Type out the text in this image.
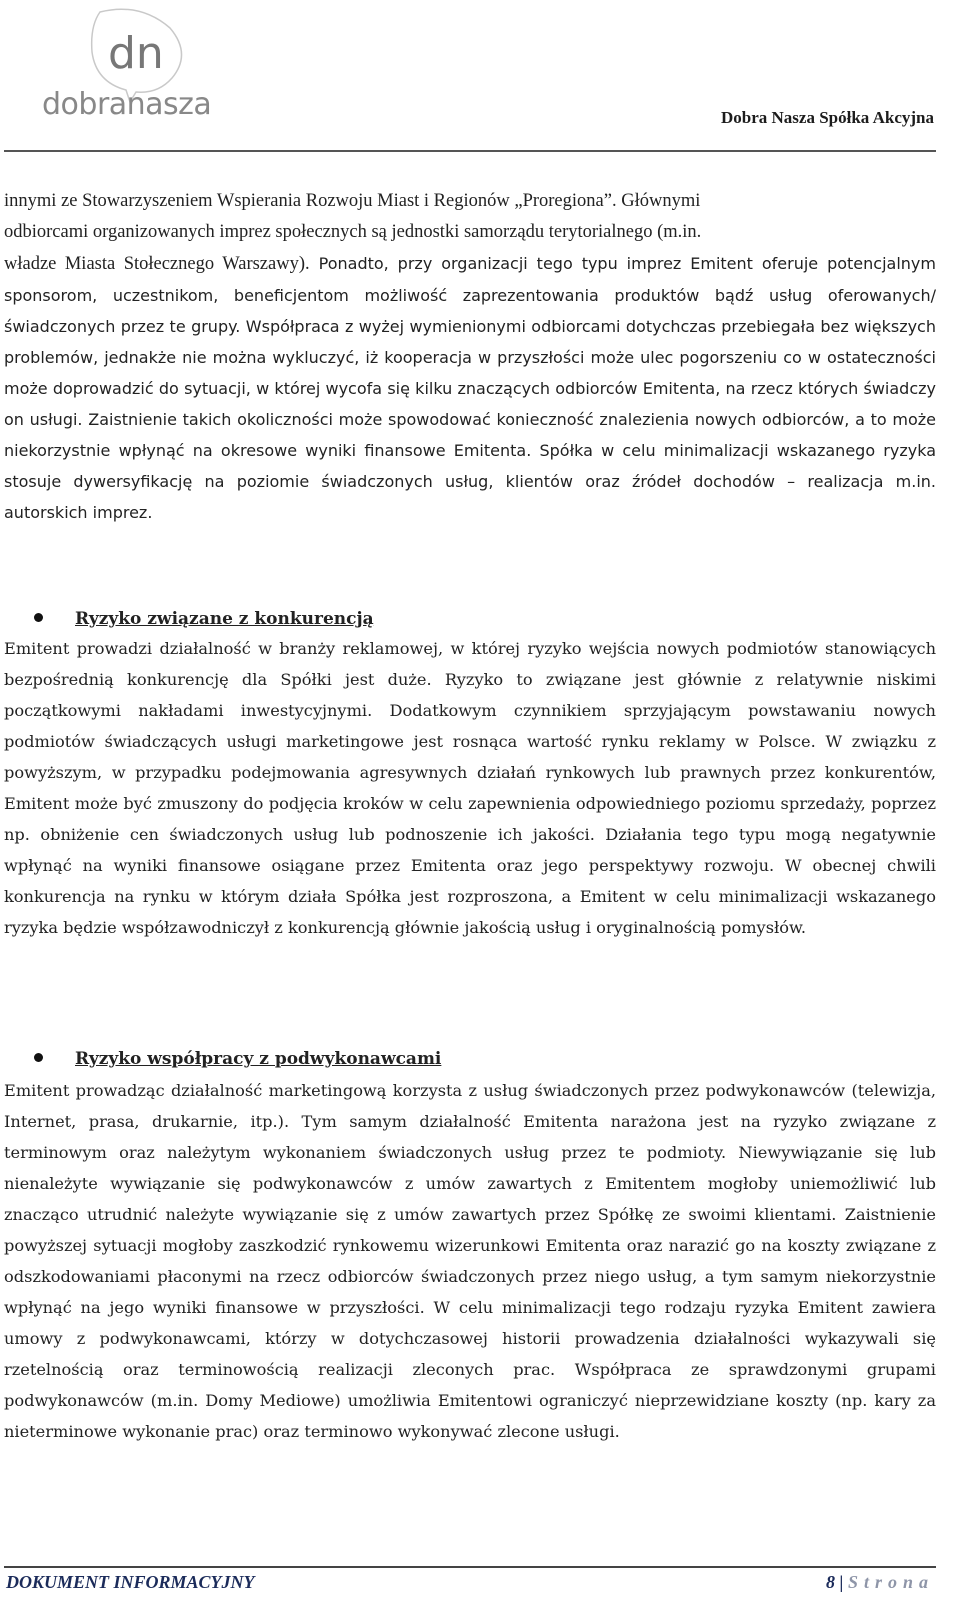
dn
dobranasza	Dobra Nasza Spółka Akcyjna

innymi ze Stowarzyszeniem Wspierania Rozwoju Miast i Regionów „Proregiona”. Głównymi

odbiorcami organizowanych imprez społecznych są jednostki samorządu terytorialnego (m.in.

władze Miasta Stołecznego Warszawy). Ponadto, przy organizacji tego typu imprez Emitent oferuje potencjalnym sponsorom, uczestnikom, beneficjentom możliwość zaprezentowania produktów bądź usług oferowanych/świadczonych przez te grupy. Współpraca z wyżej wymienionymi odbiorcami dotychczas przebiegała bez większych problemów, jednakże nie można wykluczyć, iż kooperacja w przyszłości może ulec pogorszeniu co w ostateczności może doprowadzić do sytuacji, w której wycofa się kilku znaczących odbiorców Emitenta, na rzecz których świadczy on usługi. Zaistnienie takich okoliczności może spowodować konieczność znalezienia nowych odbiorców, a to może niekorzystnie wpłynąć na okresowe wyniki finansowe Emitenta. Spółka w celu minimalizacji wskazanego ryzyka stosuje dywersyfikację na poziomie świadczonych usług, klientów oraz źródeł dochodów – realizacja m.in. autorskich imprez.

Ryzyko związane z konkurencją
Emitent prowadzi działalność w branży reklamowej, w której ryzyko wejścia nowych podmiotów stanowiących bezpośrednią konkurencję dla Spółki jest duże. Ryzyko to związane jest głównie z relatywnie niskimi początkowymi nakładami inwestycyjnymi. Dodatkowym czynnikiem sprzyjającym powstawaniu nowych podmiotów świadczących usługi marketingowe jest rosnąca wartość rynku reklamy w Polsce. W związku z powyższym, w przypadku podejmowania agresywnych działań rynkowych lub prawnych przez konkurentów, Emitent może być zmuszony do podjęcia kroków w celu zapewnienia odpowiedniego poziomu sprzedaży, poprzez np. obniżenie cen świadczonych usług lub podnoszenie ich jakości. Działania tego typu mogą negatywnie wpłynąć na wyniki finansowe osiągane przez Emitenta oraz jego perspektywy rozwoju. W obecnej chwili konkurencja na rynku w którym działa Spółka jest rozproszona, a Emitent w celu minimalizacji wskazanego ryzyka będzie współzawodniczył z konkurencją głównie jakością usług i oryginalnością pomysłów.
Ryzyko współpracy z podwykonawcami
Emitent prowadząc działalność marketingową korzysta z usług świadczonych przez podwykonawców (telewizja, Internet, prasa, drukarnie, itp.). Tym samym działalność Emitenta narażona jest na ryzyko związane z terminowym oraz należytym wykonaniem świadczonych usług przez te podmioty. Niewywiązanie się lub nienależyte wywiązanie się podwykonawców z umów zawartych z Emitentem mogłoby uniemożliwić lub znacząco utrudnić należyte wywiązanie się z umów zawartych przez Spółkę ze swoimi klientami. Zaistnienie powyższej sytuacji mogłoby zaszkodzić rynkowemu wizerunkowi Emitenta oraz narazić go na koszty związane z odszkodowaniami płaconymi na rzecz odbiorców świadczonych przez niego usług, a tym samym niekorzystnie wpłynąć na jego wyniki finansowe w przyszłości. W celu minimalizacji tego rodzaju ryzyka Emitent zawiera umowy z podwykonawcami, którzy w dotychczasowej historii prowadzenia działalności wykazywali się rzetelnością oraz terminowością realizacji zleconych prac. Współpraca ze sprawdzonymi grupami podwykonawców (m.in. Domy Mediowe) umożliwia Emitentowi ograniczyć nieprzewidziane koszty (np. kary za nieterminowe wykonanie prac) oraz terminowo wykonywać zlecone usługi.
DOKUMENT INFORMACYJNY	8 | Strona
